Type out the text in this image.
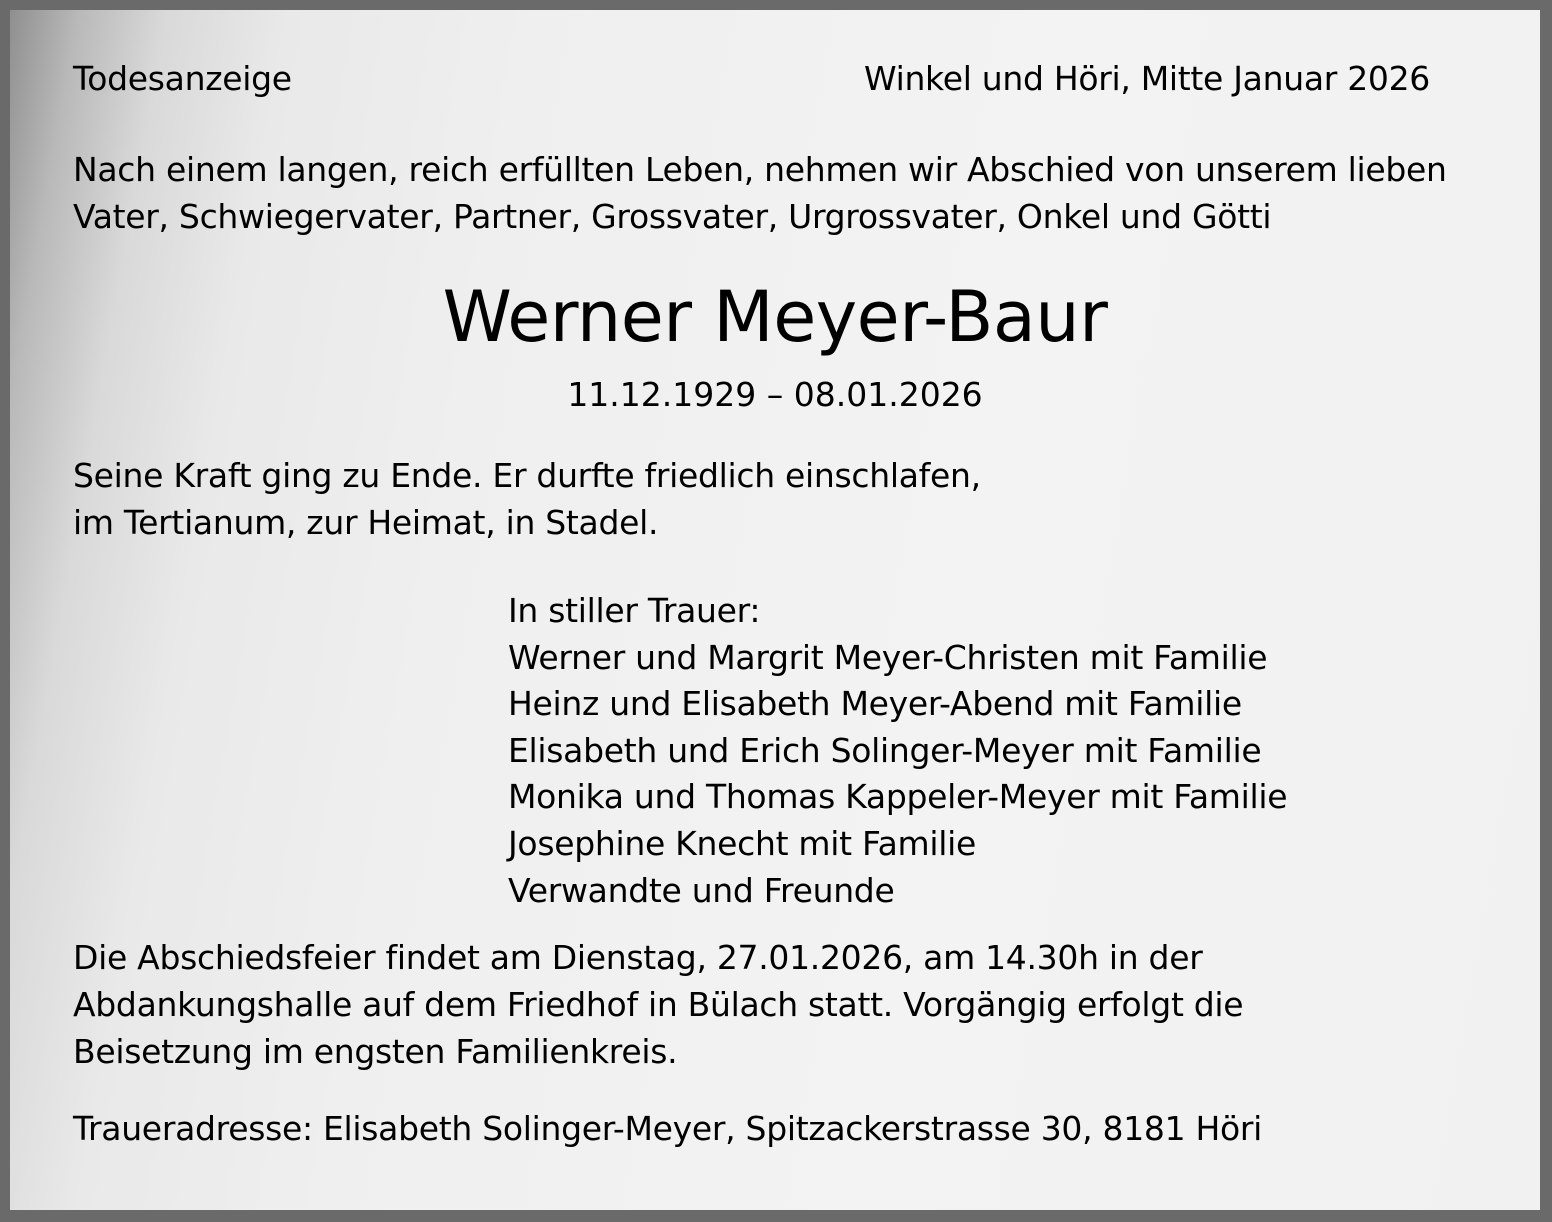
Todesanzeige	Winkel und Höri, Mitte Januar 2026
Nach einem langen, reich erfüllten Leben, nehmen wir Abschied von unserem lieben
Vater, Schwiegervater, Partner, Grossvater, Urgrossvater, Onkel und Götti
Werner Meyer-Baur
11.12.1929 – 08.01.2026
Seine Kraft ging zu Ende. Er durfte friedlich einschlafen,
im Tertianum, zur Heimat, in Stadel.
In stiller Trauer:
Werner und Margrit Meyer-Christen mit Familie
Heinz und Elisabeth Meyer-Abend mit Familie
Elisabeth und Erich Solinger-Meyer mit Familie
Monika und Thomas Kappeler-Meyer mit Familie
Josephine Knecht mit Familie
Verwandte und Freunde
Die Abschiedsfeier findet am Dienstag, 27.01.2026, am 14.30h in der
Abdankungshalle auf dem Friedhof in Bülach statt. Vorgängig erfolgt die
Beisetzung im engsten Familienkreis.
Traueradresse: Elisabeth Solinger-Meyer, Spitzackerstrasse 30, 8181 Höri
